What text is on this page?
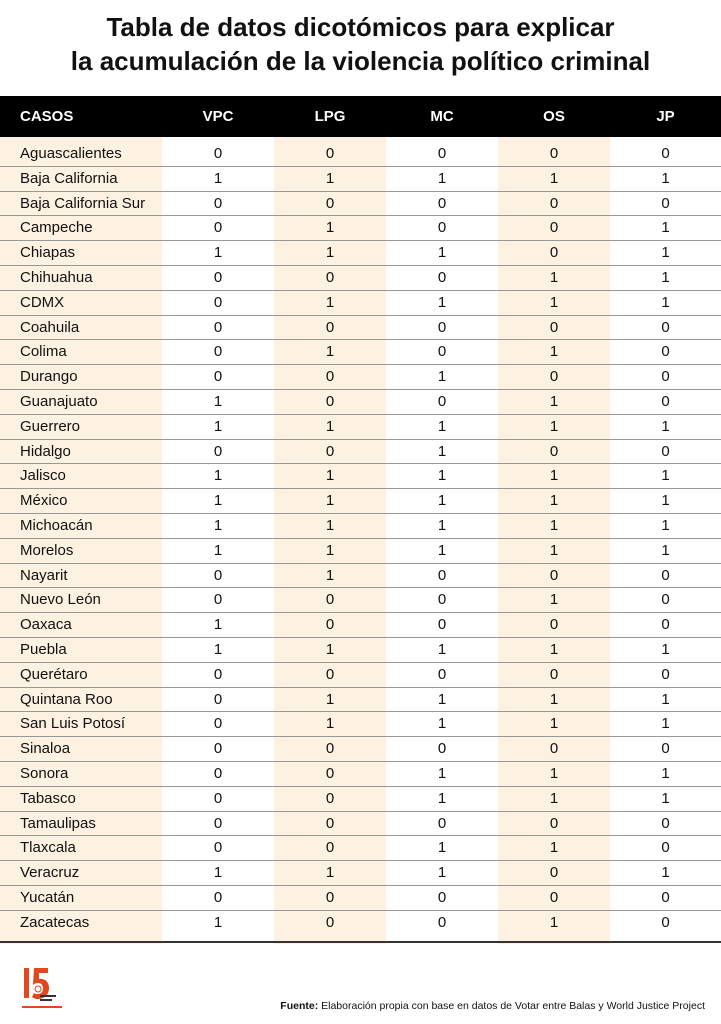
Tabla de datos dicotómicos para explicar
la acumulación de la violencia político criminal
CASOS	VPC	LPG	MC	OS	JP
Aguascalientes	0	0	0	0	0
Baja California	1	1	1	1	1
Baja California Sur	0	0	0	0	0
Campeche	0	1	0	0	1
Chiapas	1	1	1	0	1
Chihuahua	0	0	0	1	1
CDMX	0	1	1	1	1
Coahuila	0	0	0	0	0
Colima	0	1	0	1	0
Durango	0	0	1	0	0
Guanajuato	1	0	0	1	0
Guerrero	1	1	1	1	1
Hidalgo	0	0	1	0	0
Jalisco	1	1	1	1	1
México	1	1	1	1	1
Michoacán	1	1	1	1	1
Morelos	1	1	1	1	1
Nayarit	0	1	0	0	0
Nuevo León	0	0	0	1	0
Oaxaca	1	0	0	0	0
Puebla	1	1	1	1	1
Querétaro	0	0	0	0	0
Quintana Roo	0	1	1	1	1
San Luis Potosí	0	1	1	1	1
Sinaloa	0	0	0	0	0
Sonora	0	0	1	1	1
Tabasco	0	0	1	1	1
Tamaulipas	0	0	0	0	0
Tlaxcala	0	0	1	1	0
Veracruz	1	1	1	0	1
Yucatán	0	0	0	0	0
Zacatecas	1	0	0	1	0
Fuente: Elaboración propia con base en datos de Votar entre Balas y World Justice Project
